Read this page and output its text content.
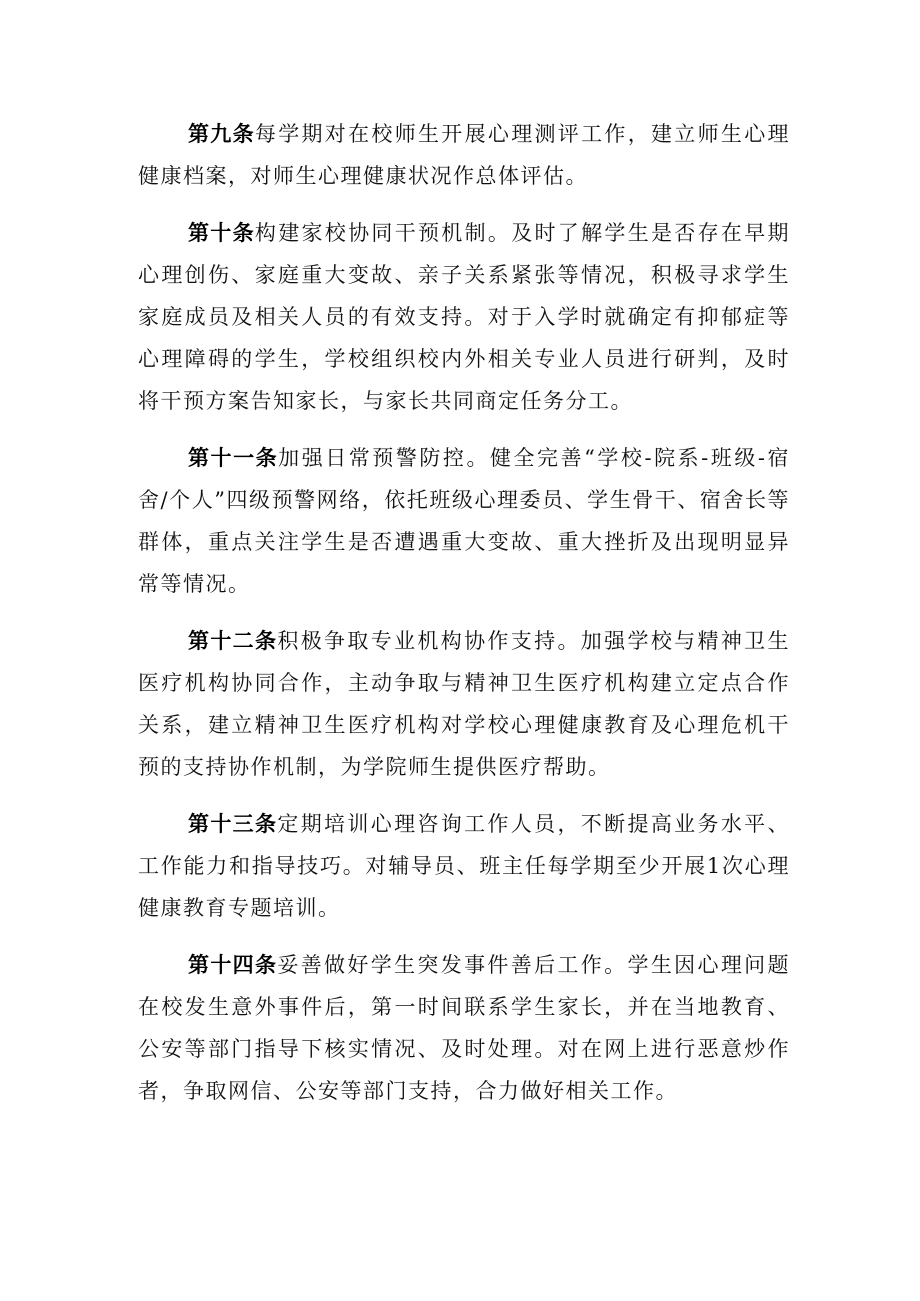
第九条每学期对在校师生开展心理测评工作，建立师生心理健康档案，对师生心理健康状况作总体评估。

第十条构建家校协同干预机制。及时了解学生是否存在早期心理创伤、家庭重大变故、亲子关系紧张等情况，积极寻求学生家庭成员及相关人员的有效支持。对于入学时就确定有抑郁症等心理障碍的学生，学校组织校内外相关专业人员进行研判，及时将干预方案告知家长，与家长共同商定任务分工。

第十一条加强日常预警防控。健全完善“学校-院系-班级-宿舍/个人”四级预警网络，依托班级心理委员、学生骨干、宿舍长等群体，重点关注学生是否遭遇重大变故、重大挫折及出现明显异常等情况。

第十二条积极争取专业机构协作支持。加强学校与精神卫生医疗机构协同合作，主动争取与精神卫生医疗机构建立定点合作关系，建立精神卫生医疗机构对学校心理健康教育及心理危机干预的支持协作机制，为学院师生提供医疗帮助。

第十三条定期培训心理咨询工作人员，不断提高业务水平、工作能力和指导技巧。对辅导员、班主任每学期至少开展1次心理健康教育专题培训。

第十四条妥善做好学生突发事件善后工作。学生因心理问题在校发生意外事件后，第一时间联系学生家长，并在当地教育、公安等部门指导下核实情况、及时处理。对在网上进行恶意炒作者，争取网信、公安等部门支持，合力做好相关工作。
